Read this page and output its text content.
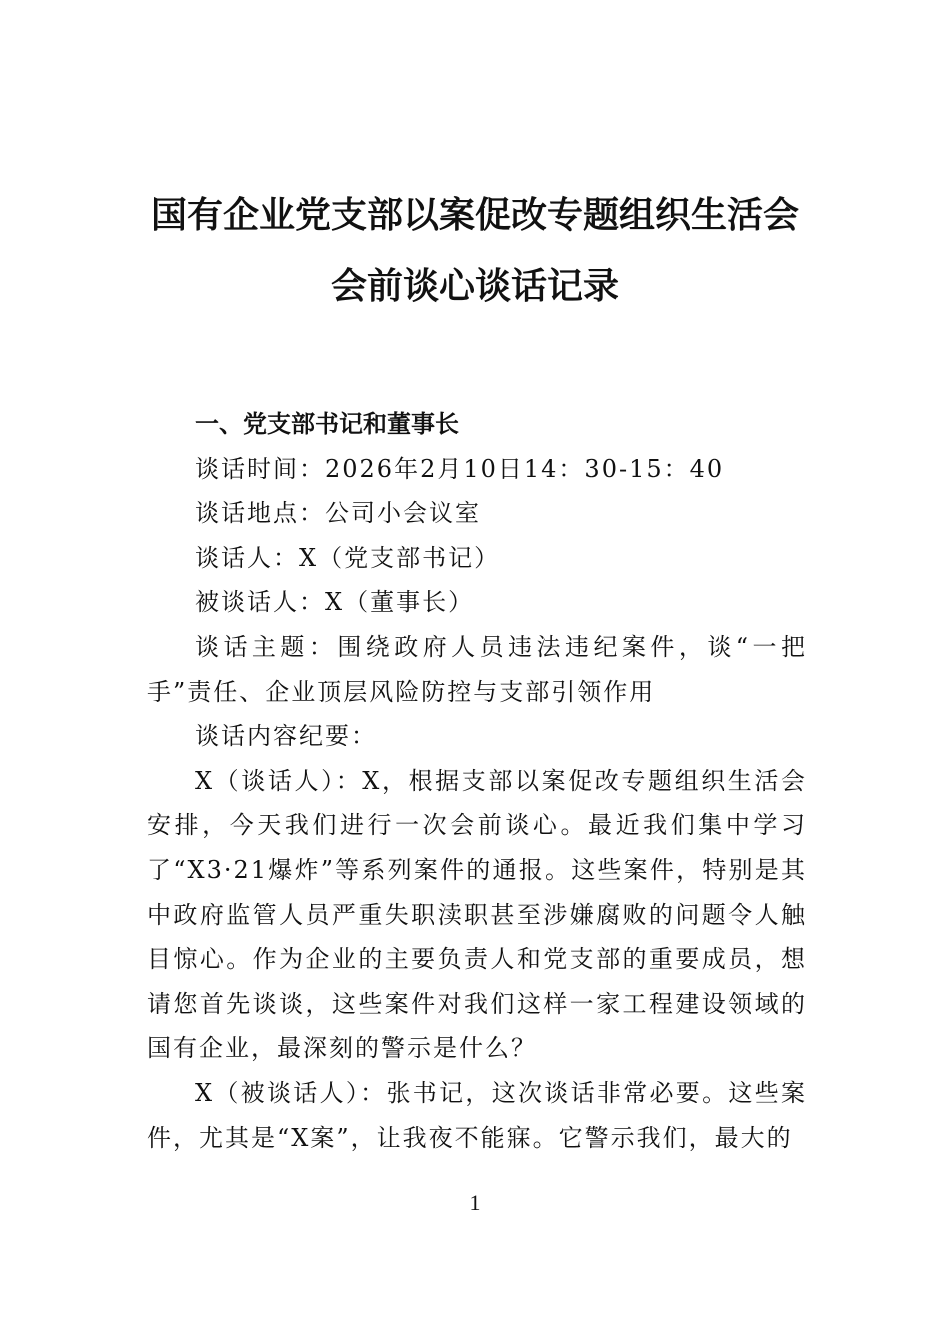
国有企业党支部以案促改专题组织生活会
会前谈心谈话记录

一、党支部书记和董事长

谈话时间：2026年2月10日14：30-15：40

谈话地点：公司小会议室

谈话人：X（党支部书记）

被谈话人：X（董事长）

谈话主题：围绕政府人员违法违纪案件，谈“一把手”责任、企业顶层风险防控与支部引领作用

谈话内容纪要：

X（谈话人）：X，根据支部以案促改专题组织生活会安排，今天我们进行一次会前谈心。最近我们集中学习了“X3·21爆炸”等系列案件的通报。这些案件，特别是其中政府监管人员严重失职渎职甚至涉嫌腐败的问题令人触目惊心。作为企业的主要负责人和党支部的重要成员，想请您首先谈谈，这些案件对我们这样一家工程建设领域的国有企业，最深刻的警示是什么？

X（被谈话人）：张书记，这次谈话非常必要。这些案件，尤其是“X案”，让我夜不能寐。它警示我们，最大的

1
